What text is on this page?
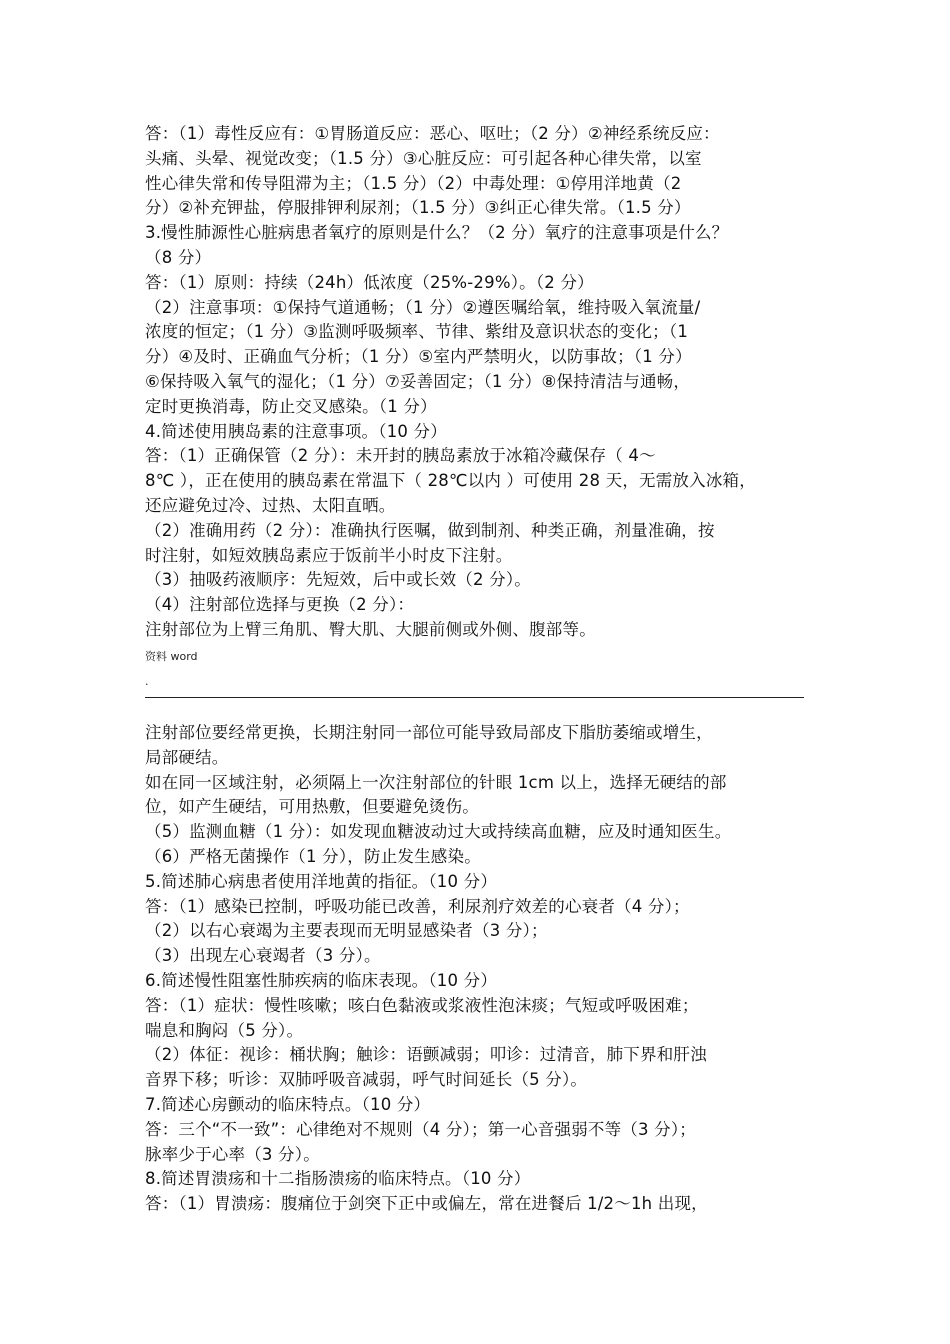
答：（1）毒性反应有：①胃肠道反应：恶心、呕吐；（2 分）②神经系统反应：
头痛、头晕、视觉改变；（1.5 分）③心脏反应：可引起各种心律失常，以室
性心律失常和传导阻滞为主；（1.5 分）（2）中毒处理：①停用洋地黄（2
分）②补充钾盐，停服排钾利尿剂；（1.5 分）③纠正心律失常。（1.5 分）
3.慢性肺源性心脏病患者氧疗的原则是什么？（2 分）氧疗的注意事项是什么？
（8 分）
答：（1）原则：持续（24h）低浓度（25%-29%）。（2 分）
（2）注意事项：①保持气道通畅；（1 分）②遵医嘱给氧，维持吸入氧流量/
浓度的恒定；（1 分）③监测呼吸频率、节律、紫绀及意识状态的变化；（1
分）④及时、正确血气分析；（1 分）⑤室内严禁明火，以防事故；（1 分）
⑥保持吸入氧气的湿化；（1 分）⑦妥善固定；（1 分）⑧保持清洁与通畅，
定时更换消毒，防止交叉感染。（1 分）
4.简述使用胰岛素的注意事项。（10 分）
答：（1）正确保管（2 分）：未开封的胰岛素放于冰箱冷藏保存（ 4～
8℃ ），正在使用的胰岛素在常温下（ 28℃以内 ）可使用 28 天，无需放入冰箱，
还应避免过冷、过热、太阳直晒。
（2）准确用药（2 分）：准确执行医嘱，做到制剂、种类正确，剂量准确，按
时注射，如短效胰岛素应于饭前半小时皮下注射。
（3）抽吸药液顺序：先短效，后中或长效（2 分）。
（4）注射部位选择与更换（2 分）：
注射部位为上臂三角肌、臀大肌、大腿前侧或外侧、腹部等。
资料 word
.
注射部位要经常更换，长期注射同一部位可能导致局部皮下脂肪萎缩或增生，
局部硬结。
如在同一区域注射，必须隔上一次注射部位的针眼 1cm 以上，选择无硬结的部
位，如产生硬结，可用热敷，但要避免烫伤。
（5）监测血糖（1 分）：如发现血糖波动过大或持续高血糖，应及时通知医生。
（6）严格无菌操作（1 分），防止发生感染。
5.简述肺心病患者使用洋地黄的指征。（10 分）
答：（1）感染已控制，呼吸功能已改善，利尿剂疗效差的心衰者（4 分）；
（2）以右心衰竭为主要表现而无明显感染者（3 分）；
（3）出现左心衰竭者（3 分）。
6.简述慢性阻塞性肺疾病的临床表现。（10 分）
答：（1）症状：慢性咳嗽；咳白色黏液或浆液性泡沫痰；气短或呼吸困难；
喘息和胸闷（5 分）。
（2）体征：视诊：桶状胸；触诊：语颤减弱；叩诊：过清音，肺下界和肝浊
音界下移；听诊：双肺呼吸音减弱，呼气时间延长（5 分）。
7.简述心房颤动的临床特点。（10 分）
答：三个“不一致”：心律绝对不规则（4 分）；第一心音强弱不等（3 分）；
脉率少于心率（3 分）。
8.简述胃溃疡和十二指肠溃疡的临床特点。（10 分）
答：（1）胃溃疡：腹痛位于剑突下正中或偏左，常在进餐后 1/2～1h 出现，
